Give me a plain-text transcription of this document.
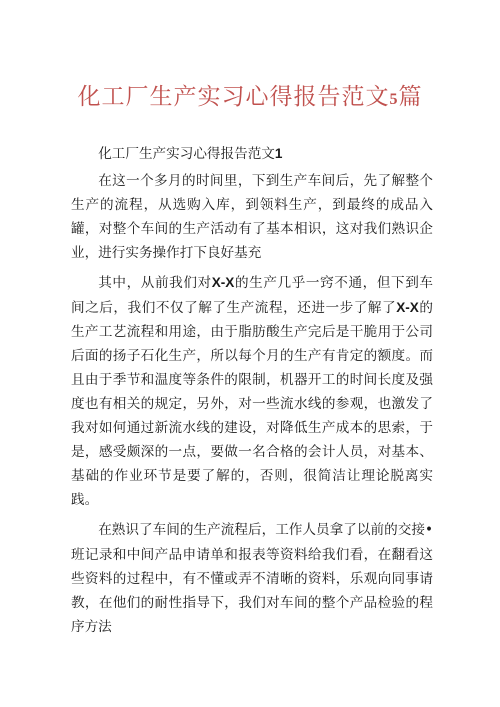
化工厂生产实习心得报告范文5篇

化工厂生产实习心得报告范文1

在这一个多月的时间里，下到生产车间后，先了解整个生产的流程，从选购入库，到领料生产，到最终的成品入罐，对整个车间的生产活动有了基本相识，这对我们熟识企业，进行实务操作打下良好基充

其中，从前我们对X-X的生产几乎一窍不通，但下到车间之后，我们不仅了解了生产流程，还进一步了解了X-X的生产工艺流程和用途，由于脂肪酸生产完后是干脆用于公司后面的扬子石化生产，所以每个月的生产有肯定的额度。而且由于季节和温度等条件的限制，机器开工的时间长度及强度也有相关的规定，另外，对一些流水线的参观，也激发了我对如何通过新流水线的建设，对降低生产成本的思索，于是，感受颇深的一点，要做一名合格的会计人员，对基本、基础的作业环节是要了解的，否则，很简洁让理论脱离实践。

在熟识了车间的生产流程后，工作人员拿了以前的交接•班记录和中间产品申请单和报表等资料给我们看，在翻看这些资料的过程中，有不懂或弄不清晰的资料，乐观向同事请教，在他们的耐性指导下，我们对车间的整个产品检验的程序方法
